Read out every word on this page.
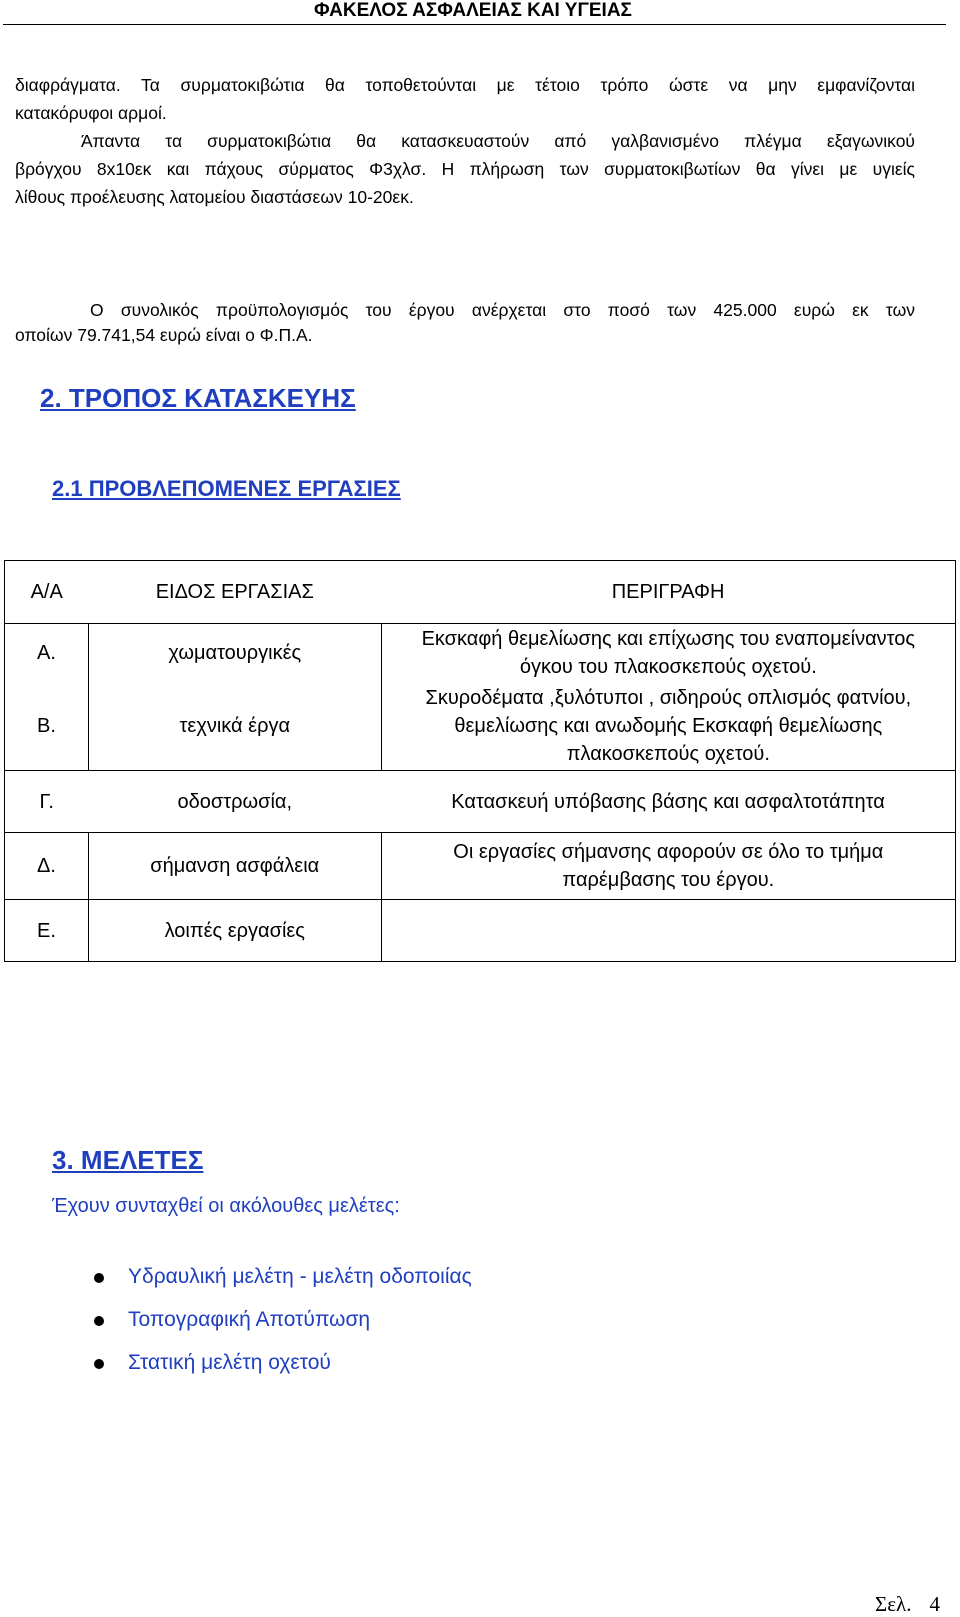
ΦΑΚΕΛΟΣ ΑΣΦΑΛΕΙΑΣ ΚΑΙ ΥΓΕΙΑΣ
διαφράγματα. Τα συρματοκιβώτια θα τοποθετούνται με τέτοιο τρόπο ώστε να μην εμφανίζονται
κατακόρυφοι αρμοί.
Άπαντα τα συρματοκιβώτια θα κατασκευαστούν από γαλβανισμένο πλέγμα εξαγωνικού
βρόγχου 8x10εκ και πάχους σύρματος Φ3χλσ. Η πλήρωση των συρματοκιβωτίων θα γίνει με υγιείς
λίθους προέλευσης λατομείου διαστάσεων 10-20εκ.
Ο συνολικός προϋπολογισμός του έργου ανέρχεται στο ποσό των 425.000 ευρώ εκ των
οποίων 79.741,54 ευρώ είναι ο Φ.Π.Α.
2. ΤΡΟΠΟΣ ΚΑΤΑΣΚΕΥΗΣ
2.1 ΠΡΟΒΛΕΠΟΜΕΝΕΣ ΕΡΓΑΣΙΕΣ
Α/Α	ΕΙΔΟΣ ΕΡΓΑΣΙΑΣ	ΠΕΡΙΓΡΑΦΗ
Α.	χωματουργικές	Εκσκαφή θεμελίωσης και επίχωσης του εναπομείναντος
όγκου του πλακοσκεπούς οχετού.

Β.	τεχνικά έργα	Σκυροδέματα ,ξυλότυποι , σιδηρούς οπλισμός φατνίου,
θεμελίωσης και ανωδομής Εκσκαφή θεμελίωσης
πλακοσκεπούς οχετού.

Γ.	οδοστρωσία,	Κατασκευή υπόβασης βάσης και ασφαλτοτάπητα
Δ.	σήμανση ασφάλεια	Οι εργασίες σήμανσης αφορούν σε όλο το τμήμα
παρέμβασης του έργου.

Ε.	λοιπές εργασίες	
3. ΜΕΛΕΤΕΣ
Έχουν συνταχθεί οι ακόλουθες μελέτες:
Υδραυλική μελέτη - μελέτη οδοποιίας
Τοπογραφική Αποτύπωση
Στατική μελέτη οχετού
Σελ. 4
